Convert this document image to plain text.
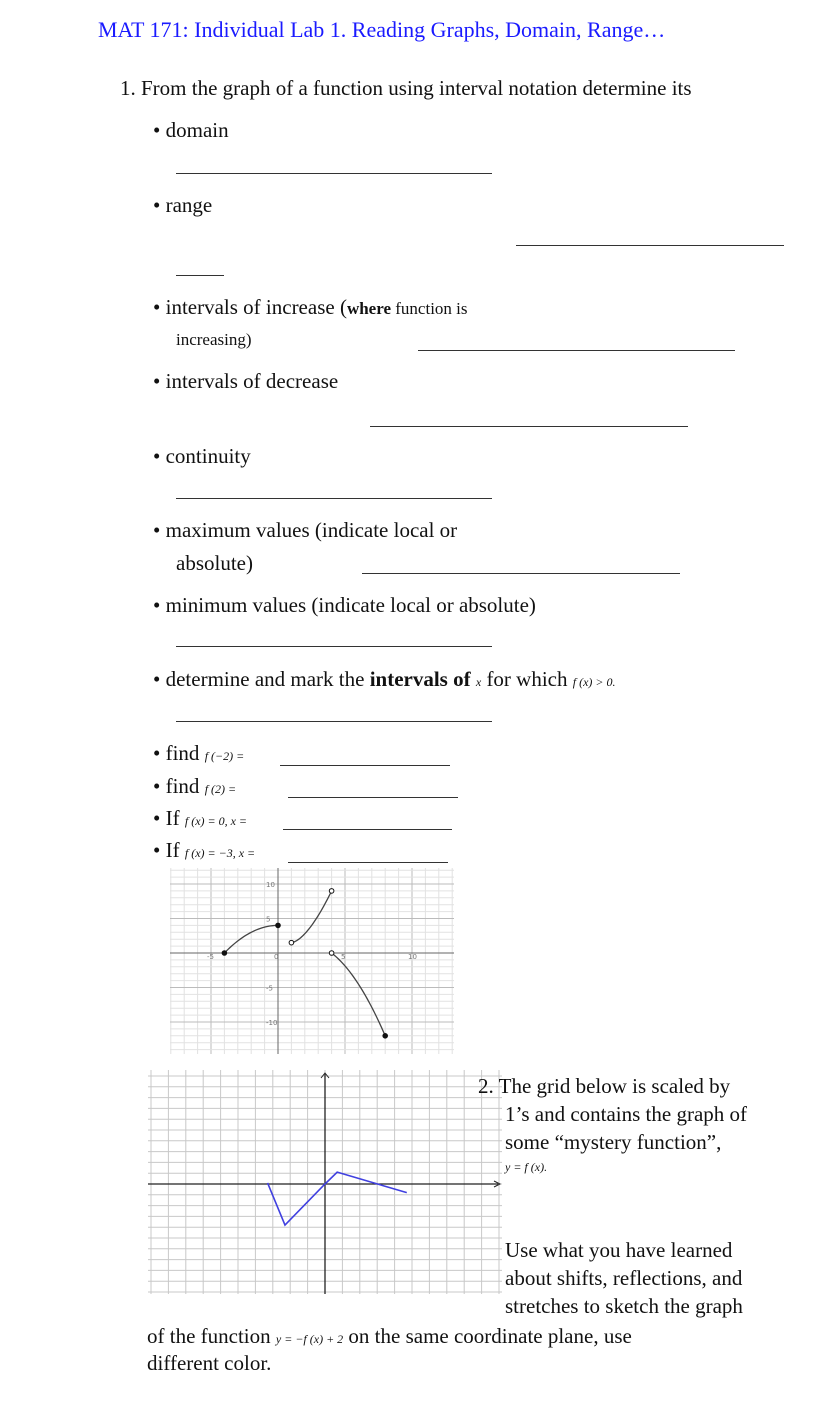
MAT 171: Individual Lab 1. Reading Graphs, Domain, Range…
1. From the graph of a function using interval notation determine its
• domain
• range
• intervals of increase (where function is
increasing)
• intervals of decrease
• continuity
• maximum values (indicate local or
absolute)
• minimum values (indicate local or absolute)
• determine and mark the intervals of x for which f (x) > 0.
• find f (−2) =
• find f (2) =
• If f (x) = 0, x =
• If f (x) = −3, x =
-5	0	5	10
10
5
-5
-10
2. The grid below is scaled by
1’s and contains the graph of
some “mystery function”,
y = f (x).
Use what you have learned
about shifts, reflections, and
stretches to sketch the graph
of the function y = −f (x) + 2 on the same coordinate plane, use
different color.
